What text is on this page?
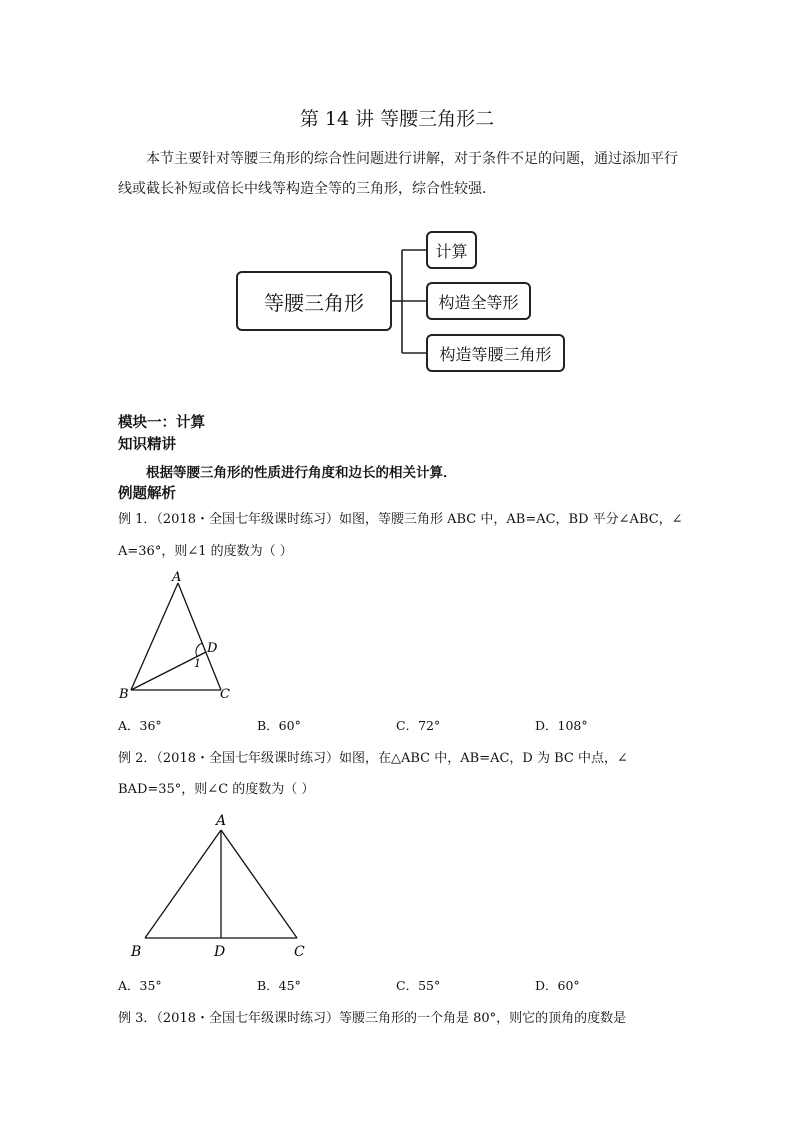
第 14 讲 等腰三角形二
本节主要针对等腰三角形的综合性问题进行讲解，对于条件不足的问题，通过添加平行线或截长补短或倍长中线等构造全等的三角形，综合性较强．
等腰三角形
计算
构造全等形
构造等腰三角形
模块一：计算
知识精讲
根据等腰三角形的性质进行角度和边长的相关计算．
例题解析
例 1．（2018・全国七年级课时练习）如图，等腰三角形 ABC 中，AB=AC，BD 平分∠ABC，∠
A=36°，则∠1 的度数为（ ）
A
B	C
D
1
A．36°	B．60°	C．72°	D．108°
例 2．（2018・全国七年级课时练习）如图，在△ABC 中，AB=AC，D 为 BC 中点，∠
BAD=35°，则∠C 的度数为（ ）
A
B	D	C
A．35°	B．45°	C．55°	D．60°
例 3．（2018・全国七年级课时练习）等腰三角形的一个角是 80°，则它的顶角的度数是
